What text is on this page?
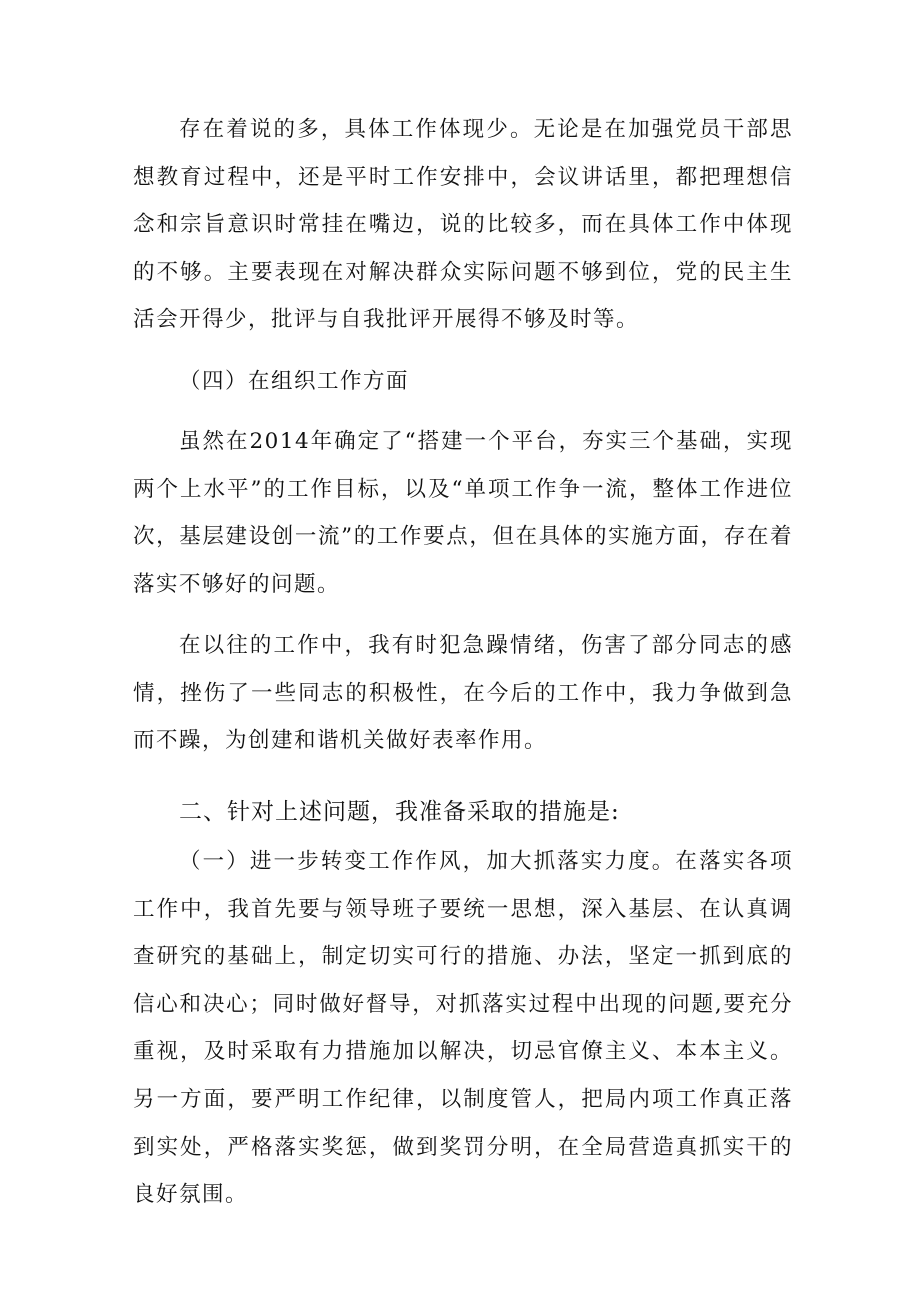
存在着说的多，具体工作体现少。无论是在加强党员干部思想教育过程中，还是平时工作安排中，会议讲话里，都把理想信念和宗旨意识时常挂在嘴边，说的比较多，而在具体工作中体现的不够。主要表现在对解决群众实际问题不够到位，党的民主生活会开得少，批评与自我批评开展得不够及时等。

（四）在组织工作方面

虽然在2014年确定了“搭建一个平台，夯实三个基础，实现两个上水平”的工作目标，以及“单项工作争一流，整体工作进位次，基层建设创一流”的工作要点，但在具体的实施方面，存在着落实不够好的问题。

在以往的工作中，我有时犯急躁情绪，伤害了部分同志的感情，挫伤了一些同志的积极性，在今后的工作中，我力争做到急而不躁，为创建和谐机关做好表率作用。

二、针对上述问题，我准备采取的措施是:

（一）进一步转变工作作风，加大抓落实力度。在落实各项工作中，我首先要与领导班子要统一思想，深入基层、在认真调查研究的基础上，制定切实可行的措施、办法，坚定一抓到底的信心和决心；同时做好督导，对抓落实过程中出现的问题,要充分重视，及时采取有力措施加以解决，切忌官僚主义、本本主义。另一方面，要严明工作纪律，以制度管人，把局内项工作真正落到实处，严格落实奖惩，做到奖罚分明，在全局营造真抓实干的良好氛围。
